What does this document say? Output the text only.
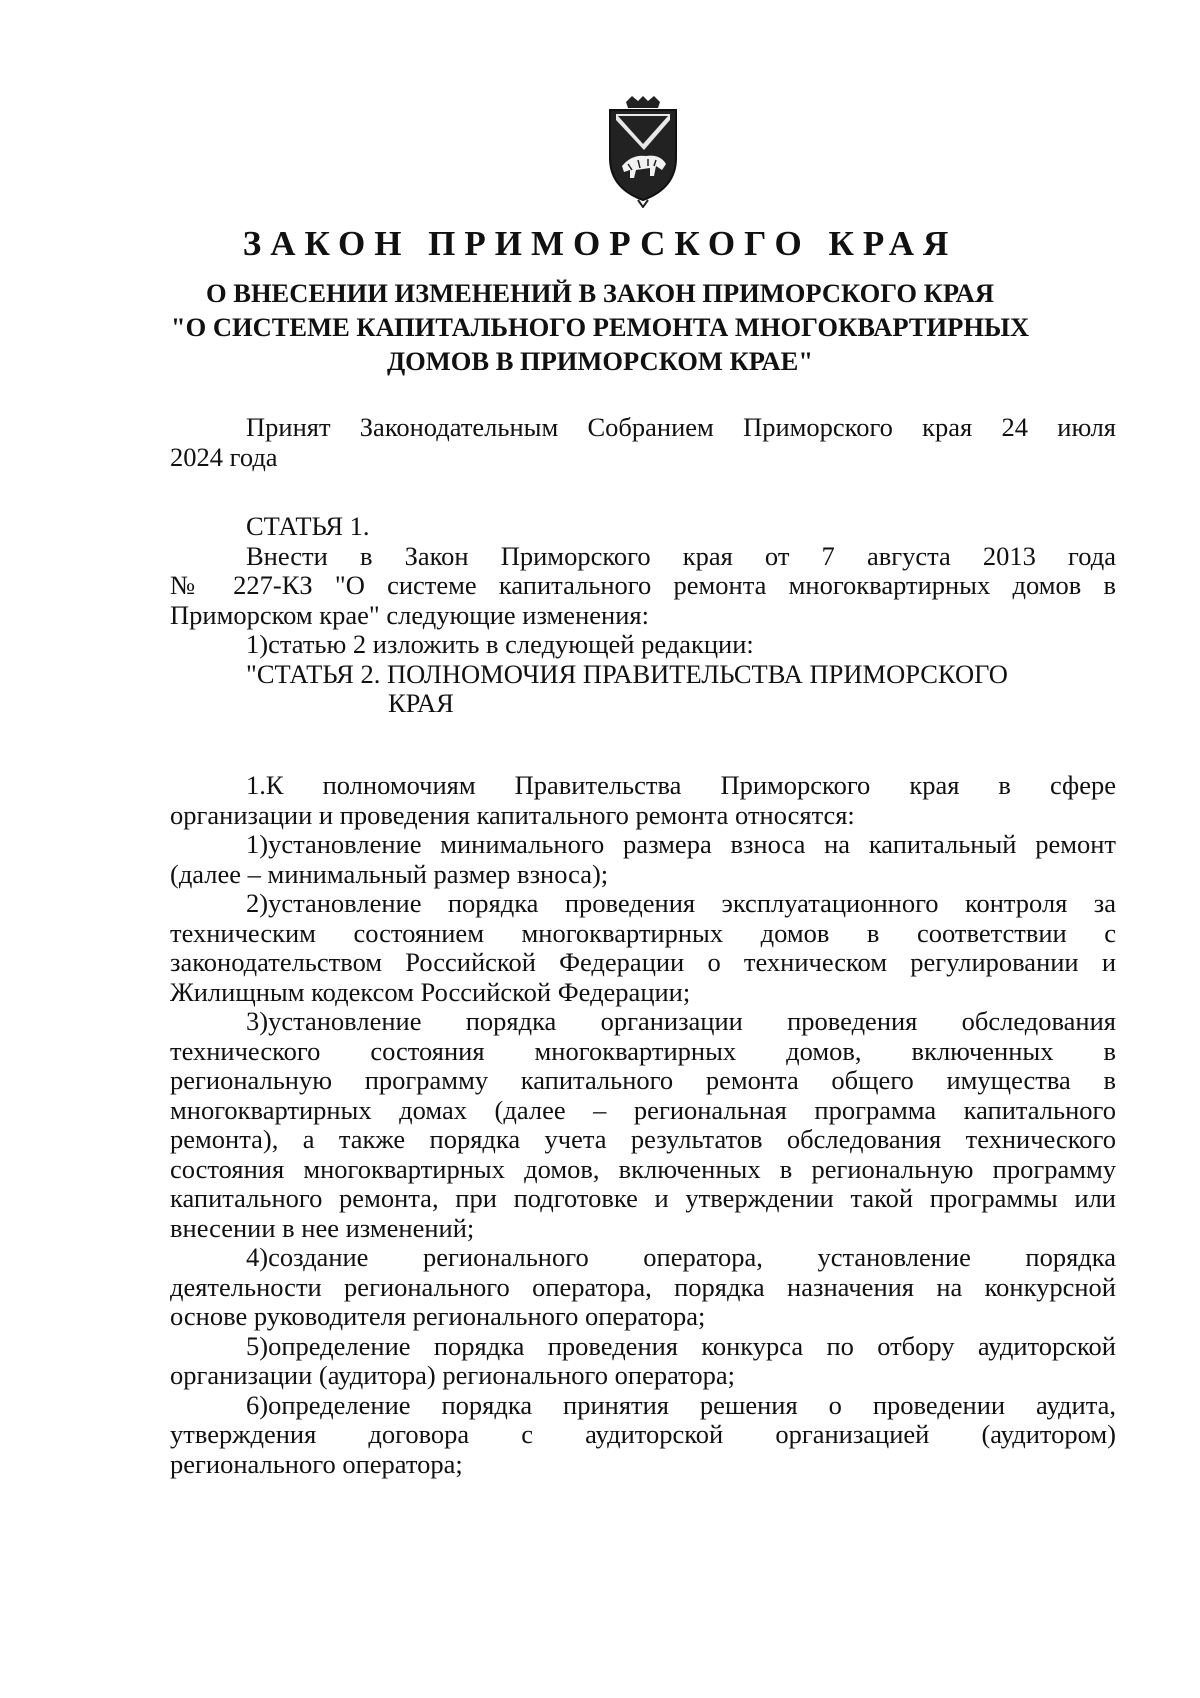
ЗАКОН ПРИМОРСКОГО КРАЯ
О ВНЕСЕНИИ ИЗМЕНЕНИЙ В ЗАКОН ПРИМОРСКОГО КРАЯ
"О СИСТЕМЕ КАПИТАЛЬНОГО РЕМОНТА МНОГОКВАРТИРНЫХ
ДОМОВ В ПРИМОРСКОМ КРАЕ"

Принят Законодательным Собранием Приморского края 24 июля

2024 года

СТАТЬЯ 1.

Внести в Закон Приморского края от 7 августа 2013 года

№ 227-КЗ "О системе капитального ремонта многоквартирных домов в

Приморском крае" следующие изменения:

1)статью 2 изложить в следующей редакции:

"СТАТЬЯ 2. ПОЛНОМОЧИЯ ПРАВИТЕЛЬСТВА ПРИМОРСКОГО

КРАЯ

1.К полномочиям Правительства Приморского края в сфере

организации и проведения капитального ремонта относятся:

1)установление минимального размера взноса на капитальный ремонт

(далее – минимальный размер взноса);

2)установление порядка проведения эксплуатационного контроля за

техническим состоянием многоквартирных домов в соответствии с

законодательством Российской Федерации о техническом регулировании и

Жилищным кодексом Российской Федерации;

3)установление порядка организации проведения обследования

технического состояния многоквартирных домов, включенных в

региональную программу капитального ремонта общего имущества в

многоквартирных домах (далее – региональная программа капитального

ремонта), а также порядка учета результатов обследования технического

состояния многоквартирных домов, включенных в региональную программу

капитального ремонта, при подготовке и утверждении такой программы или

внесении в нее изменений;

4)создание регионального оператора, установление порядка

деятельности регионального оператора, порядка назначения на конкурсной

основе руководителя регионального оператора;

5)определение порядка проведения конкурса по отбору аудиторской

организации (аудитора) регионального оператора;

6)определение порядка принятия решения о проведении аудита,

утверждения договора с аудиторской организацией (аудитором)

регионального оператора;
